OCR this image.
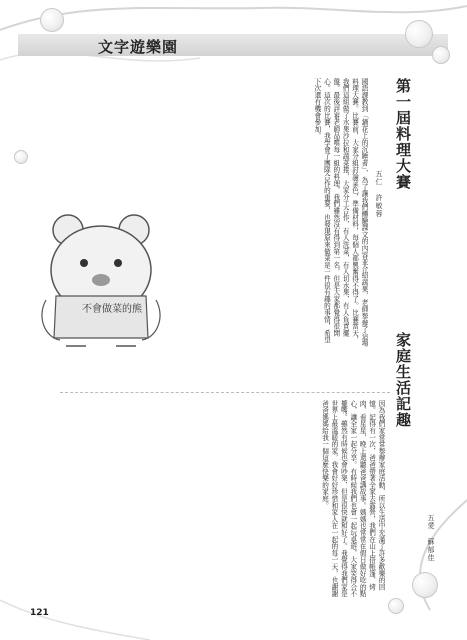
文字遊樂園
第一屆料理大賽
五仁　許敏蓉
國語課教到「鍋花上的沉睡者」，為了讓我們體驗課文的內容並介紹蔬果，老師舉辦了這場料理大賽。比賽前，大家分組討論菜色，準備材料，每個人都興奮得不得了。比賽當天，我們這組做了水果沙拉和蔬菜捲，大家分工合作，有人洗菜，有人切水果，有人負責擺盤。最後評審老師品嚐每一組的料理，我們雖然沒有得到第一名，但是大家都覺得很開心。這次的比賽，我學會了團隊合作的重要，也發現原來做菜是一件很有趣的事情，希望下次還有機會參加。
不會做菜的熊
家庭生活記趣
五愛　蘇郁佳
因為我們家常常舉辦家庭活動，所以生活中充滿了許多歡樂的回憶。記得有一次，爸爸帶著全家去露營，我們在山上搭帳篷、烤肉、看星星，晚上還聽爸爸講故事。媽媽也常常在假日做好吃的點心，讓全家一起分享。有時候我們也會一起玩桌遊，大家笑得合不攏嘴。雖然有時候也會吵架，但是很快就和好了。我覺得我們家是世界上最溫暖的家，我會好好珍惜和家人在一起的每一天，也謝謝爸爸媽媽給我一個這麼快樂的家庭。
121
